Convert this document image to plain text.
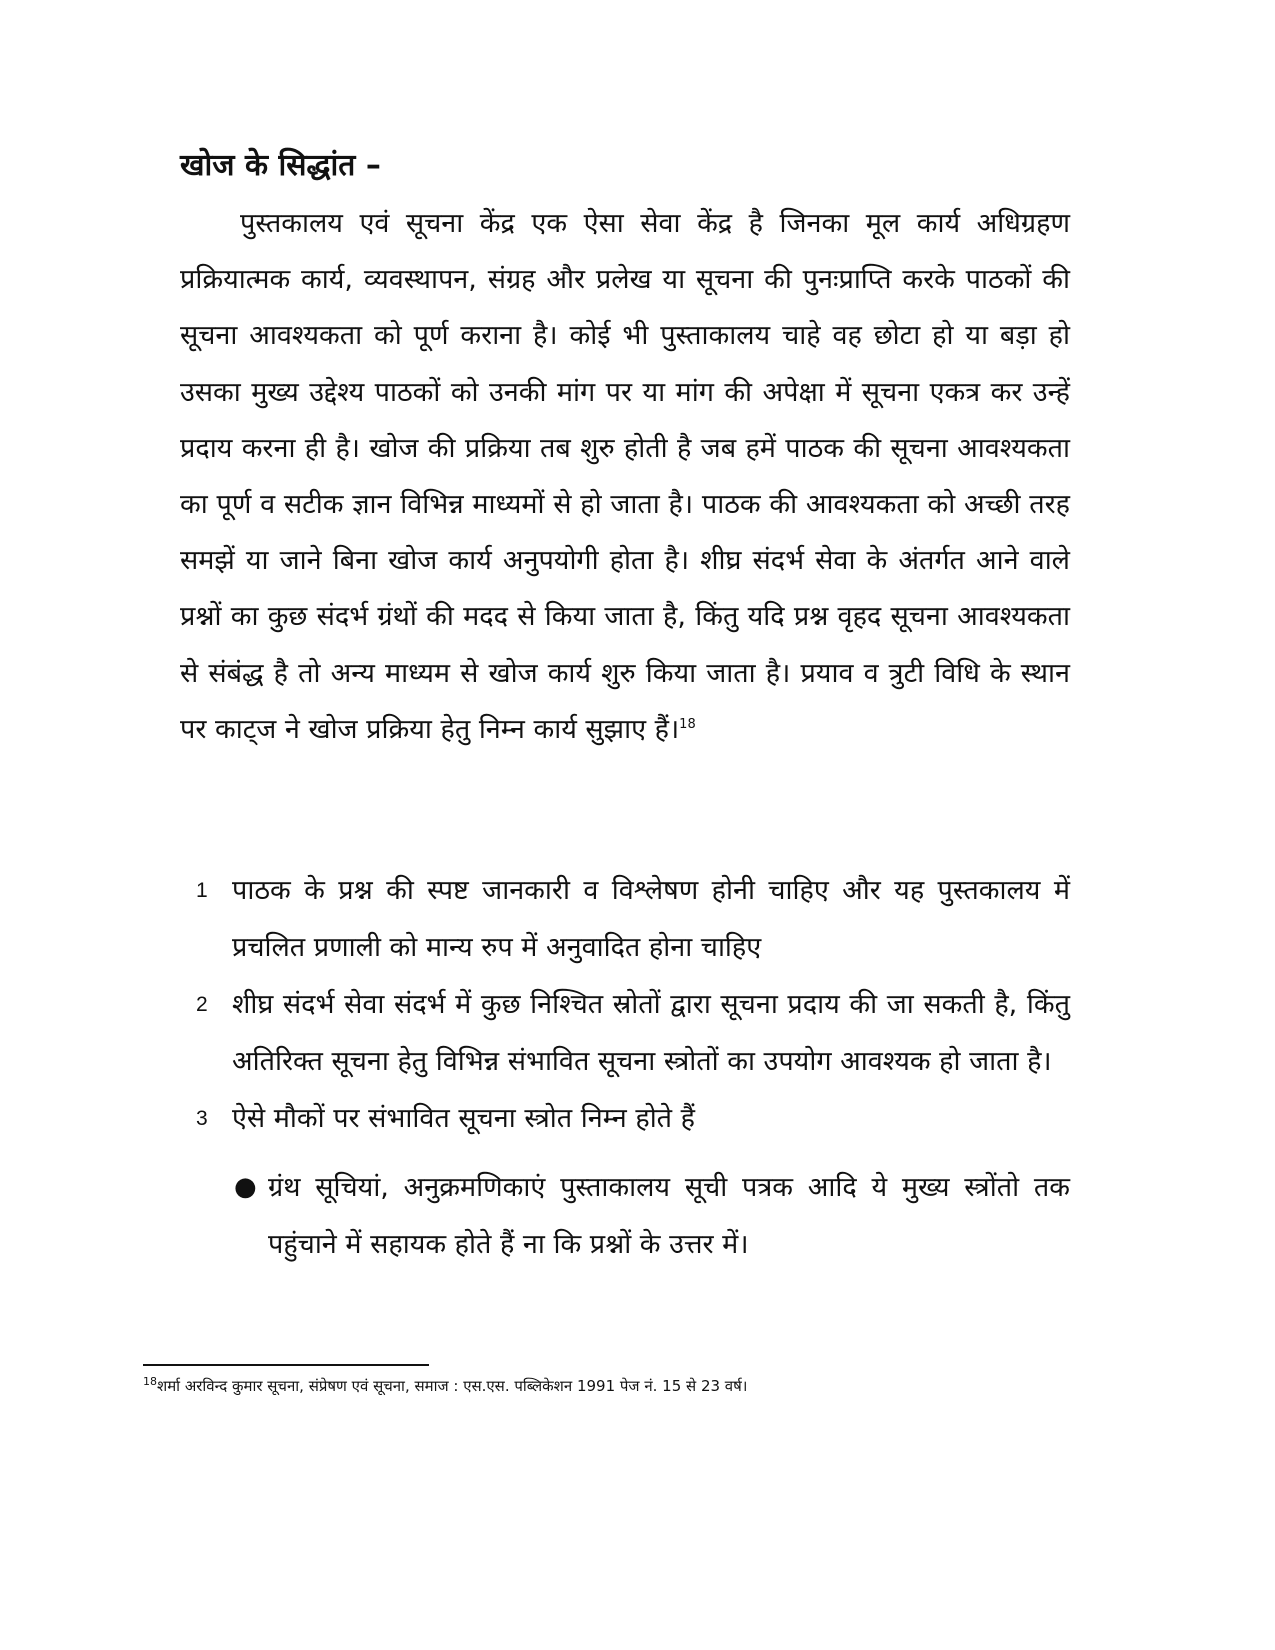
खोज के सिद्धांत –

पुस्तकालय एवं सूचना केंद्र एक ऐसा सेवा केंद्र है जिनका मूल कार्य अधिग्रहण प्रक्रियात्मक कार्य, व्यवस्थापन, संग्रह और प्रलेख या सूचना की पुनःप्राप्ति करके पाठकों की सूचना आवश्यकता को पूर्ण कराना है। कोई भी पुस्ताकालय चाहे वह छोटा हो या बड़ा हो उसका मुख्य उद्देश्य पाठकों को उनकी मांग पर या मांग की अपेक्षा में सूचना एकत्र कर उन्हें प्रदाय करना ही है। खोज की प्रक्रिया तब शुरु होती है जब हमें पाठक की सूचना आवश्यकता का पूर्ण व सटीक ज्ञान विभिन्न माध्यमों से हो जाता है। पाठक की आवश्यकता को अच्छी तरह समझें या जाने बिना खोज कार्य अनुपयोगी होता है। शीघ्र संदर्भ सेवा के अंतर्गत आने वाले प्रश्नों का कुछ संदर्भ ग्रंथों की मदद से किया जाता है, किंतु यदि प्रश्न वृहद सूचना आवश्यकता से संबंद्ध है तो अन्य माध्यम से खोज कार्य शुरु किया जाता है। प्रयाव व त्रुटी विधि के स्थान पर काट्ज ने खोज प्रक्रिया हेतु निम्न कार्य सुझाए हैं।$^{18}$

1 पाठक के प्रश्न की स्पष्ट जानकारी व विश्लेषण होनी चाहिए और यह पुस्तकालय में प्रचलित प्रणाली को मान्य रुप में अनुवादित होना चाहिए

2 शीघ्र संदर्भ सेवा संदर्भ में कुछ निश्चित स्रोतों द्वारा सूचना प्रदाय की जा सकती है, किंतु अतिरिक्त सूचना हेतु विभिन्न संभावित सूचना स्त्रोतों का उपयोग आवश्यक हो जाता है।

3 ऐसे मौकों पर संभावित सूचना स्त्रोत निम्न होते हैं

● ग्रंथ सूचियां, अनुक्रमणिकाएं पुस्ताकालय सूची पत्रक आदि ये मुख्य स्त्रोंतो तक पहुंचाने में सहायक होते हैं ना कि प्रश्नों के उत्तर में।
$^{18}$शर्मा अरविन्द कुमार सूचना, संप्रेषण एवं सूचना, समाज : एस.एस. पब्लिकेशन 1991 पेज नं. 15 से 23 वर्ष।
